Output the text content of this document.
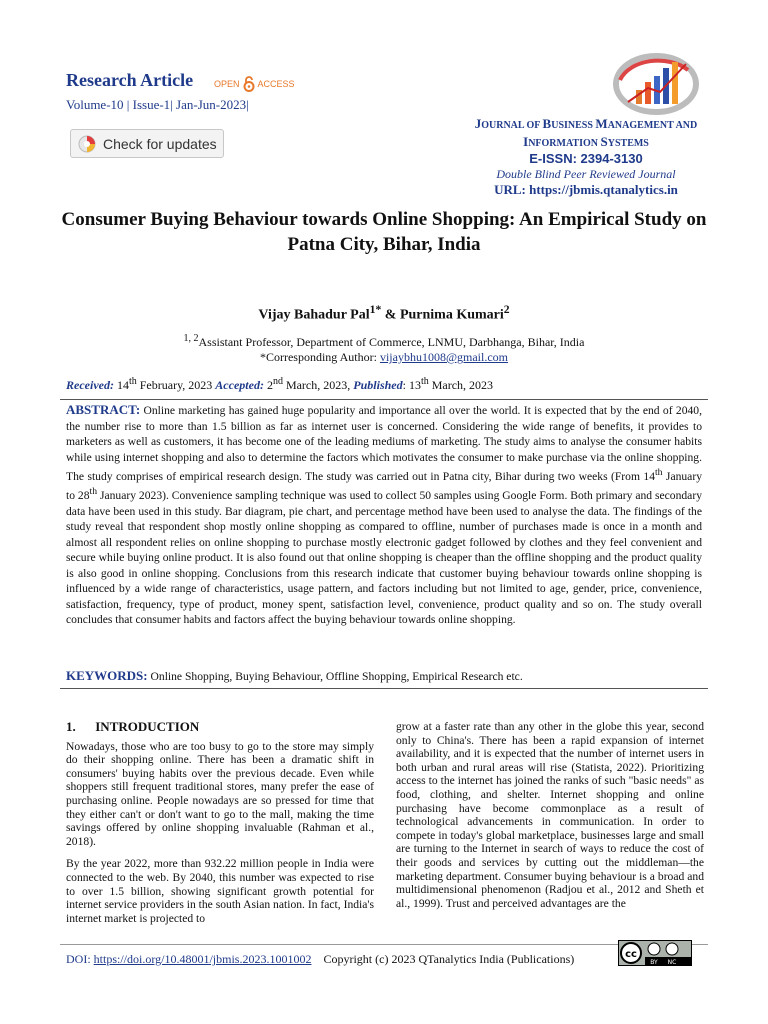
Research Article OPEN ACCESS
Volume-10 | Issue-1| Jan-Jun-2023|
Check for updates
JOURNAL OF BUSINESS MANAGEMENT AND
INFORMATION SYSTEMS
E-ISSN: 2394-3130
Double Blind Peer Reviewed Journal
URL: https://jbmis.qtanalytics.in
Consumer Buying Behaviour towards Online Shopping: An Empirical Study on Patna City, Bihar, India
Vijay Bahadur Pal$^{1*}$ & Purnima Kumari$^2$
$^{1, 2}$Assistant Professor, Department of Commerce, LNMU, Darbhanga, Bihar, India
*Corresponding Author: vijaybhu1008@gmail.com
Received: 14th February, 2023 Accepted: 2nd March, 2023, Published: 13th March, 2023
ABSTRACT: Online marketing has gained huge popularity and importance all over the world. It is expected that by the end of 2040, the number rise to more than 1.5 billion as far as internet user is concerned. Considering the wide range of benefits, it provides to marketers as well as customers, it has become one of the leading mediums of marketing. The study aims to analyse the consumer habits while using internet shopping and also to determine the factors which motivates the consumer to make purchase via the online shopping. The study comprises of empirical research design. The study was carried out in Patna city, Bihar during two weeks (From 14th January to 28th January 2023). Convenience sampling technique was used to collect 50 samples using Google Form. Both primary and secondary data have been used in this study. Bar diagram, pie chart, and percentage method have been used to analyse the data. The findings of the study reveal that respondent shop mostly online shopping as compared to offline, number of purchases made is once in a month and almost all respondent relies on online shopping to purchase mostly electronic gadget followed by clothes and they feel convenient and secure while buying online product. It is also found out that online shopping is cheaper than the offline shopping and the product quality is also good in online shopping. Conclusions from this research indicate that customer buying behaviour towards online shopping is influenced by a wide range of characteristics, usage pattern, and factors including but not limited to age, gender, price, convenience, satisfaction, frequency, type of product, money spent, satisfaction level, convenience, product quality and so on. The study overall concludes that consumer habits and factors affect the buying behaviour towards online shopping.
KEYWORDS: Online Shopping, Buying Behaviour, Offline Shopping, Empirical Research etc.
1.      INTRODUCTION

Nowadays, those who are too busy to go to the store may simply do their shopping online. There has been a dramatic shift in consumers' buying habits over the previous decade. Even while shoppers still frequent traditional stores, many prefer the ease of purchasing online. People nowadays are so pressed for time that they either can't or don't want to go to the mall, making the time savings offered by online shopping invaluable (Rahman et al., 2018).

By the year 2022, more than 932.22 million people in India were connected to the web. By 2040, this number was expected to rise to over 1.5 billion, showing significant growth potential for internet service providers in the south Asian nation. In fact, India's internet market is projected to

grow at a faster rate than any other in the globe this year, second only to China's. There has been a rapid expansion of internet availability, and it is expected that the number of internet users in both urban and rural areas will rise (Statista, 2022). Prioritizing access to the internet has joined the ranks of such "basic needs" as food, clothing, and shelter. Internet shopping and online purchasing have become commonplace as a result of technological advancements in communication. In order to compete in today's global marketplace, businesses large and small are turning to the Internet in search of ways to reduce the cost of their goods and services by cutting out the middleman—the marketing department. Consumer buying behaviour is a broad and multidimensional phenomenon (Radjou et al., 2012 and Sheth et al., 1999). Trust and perceived advantages are the

DOI: https://doi.org/10.48001/jbmis.2023.1001002    Copyright (c) 2023 QTanalytics India (Publications)	cc
BY NC
